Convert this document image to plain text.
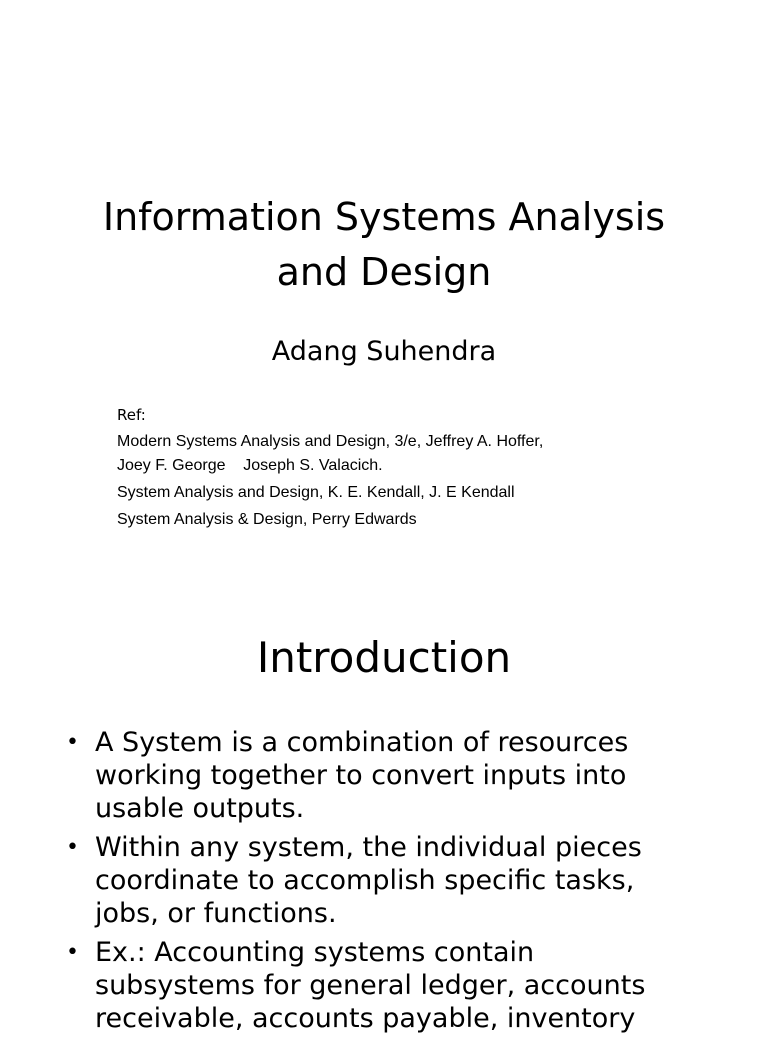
Information Systems Analysis
and Design

Adang Suhendra

Ref:

Modern Systems Analysis and Design, 3/e, Jeffrey A. Hoffer,
Joey F. George    Joseph S. Valacich.

System Analysis and Design, K. E. Kendall, J. E Kendall

System Analysis & Design, Perry Edwards

Introduction
• A System is a combination of resources
working together to convert inputs into
usable outputs.
• Within any system, the individual pieces
coordinate to accomplish specific tasks,
jobs, or functions.
• Ex.: Accounting systems contain
subsystems for general ledger, accounts
receivable, accounts payable, inventory
